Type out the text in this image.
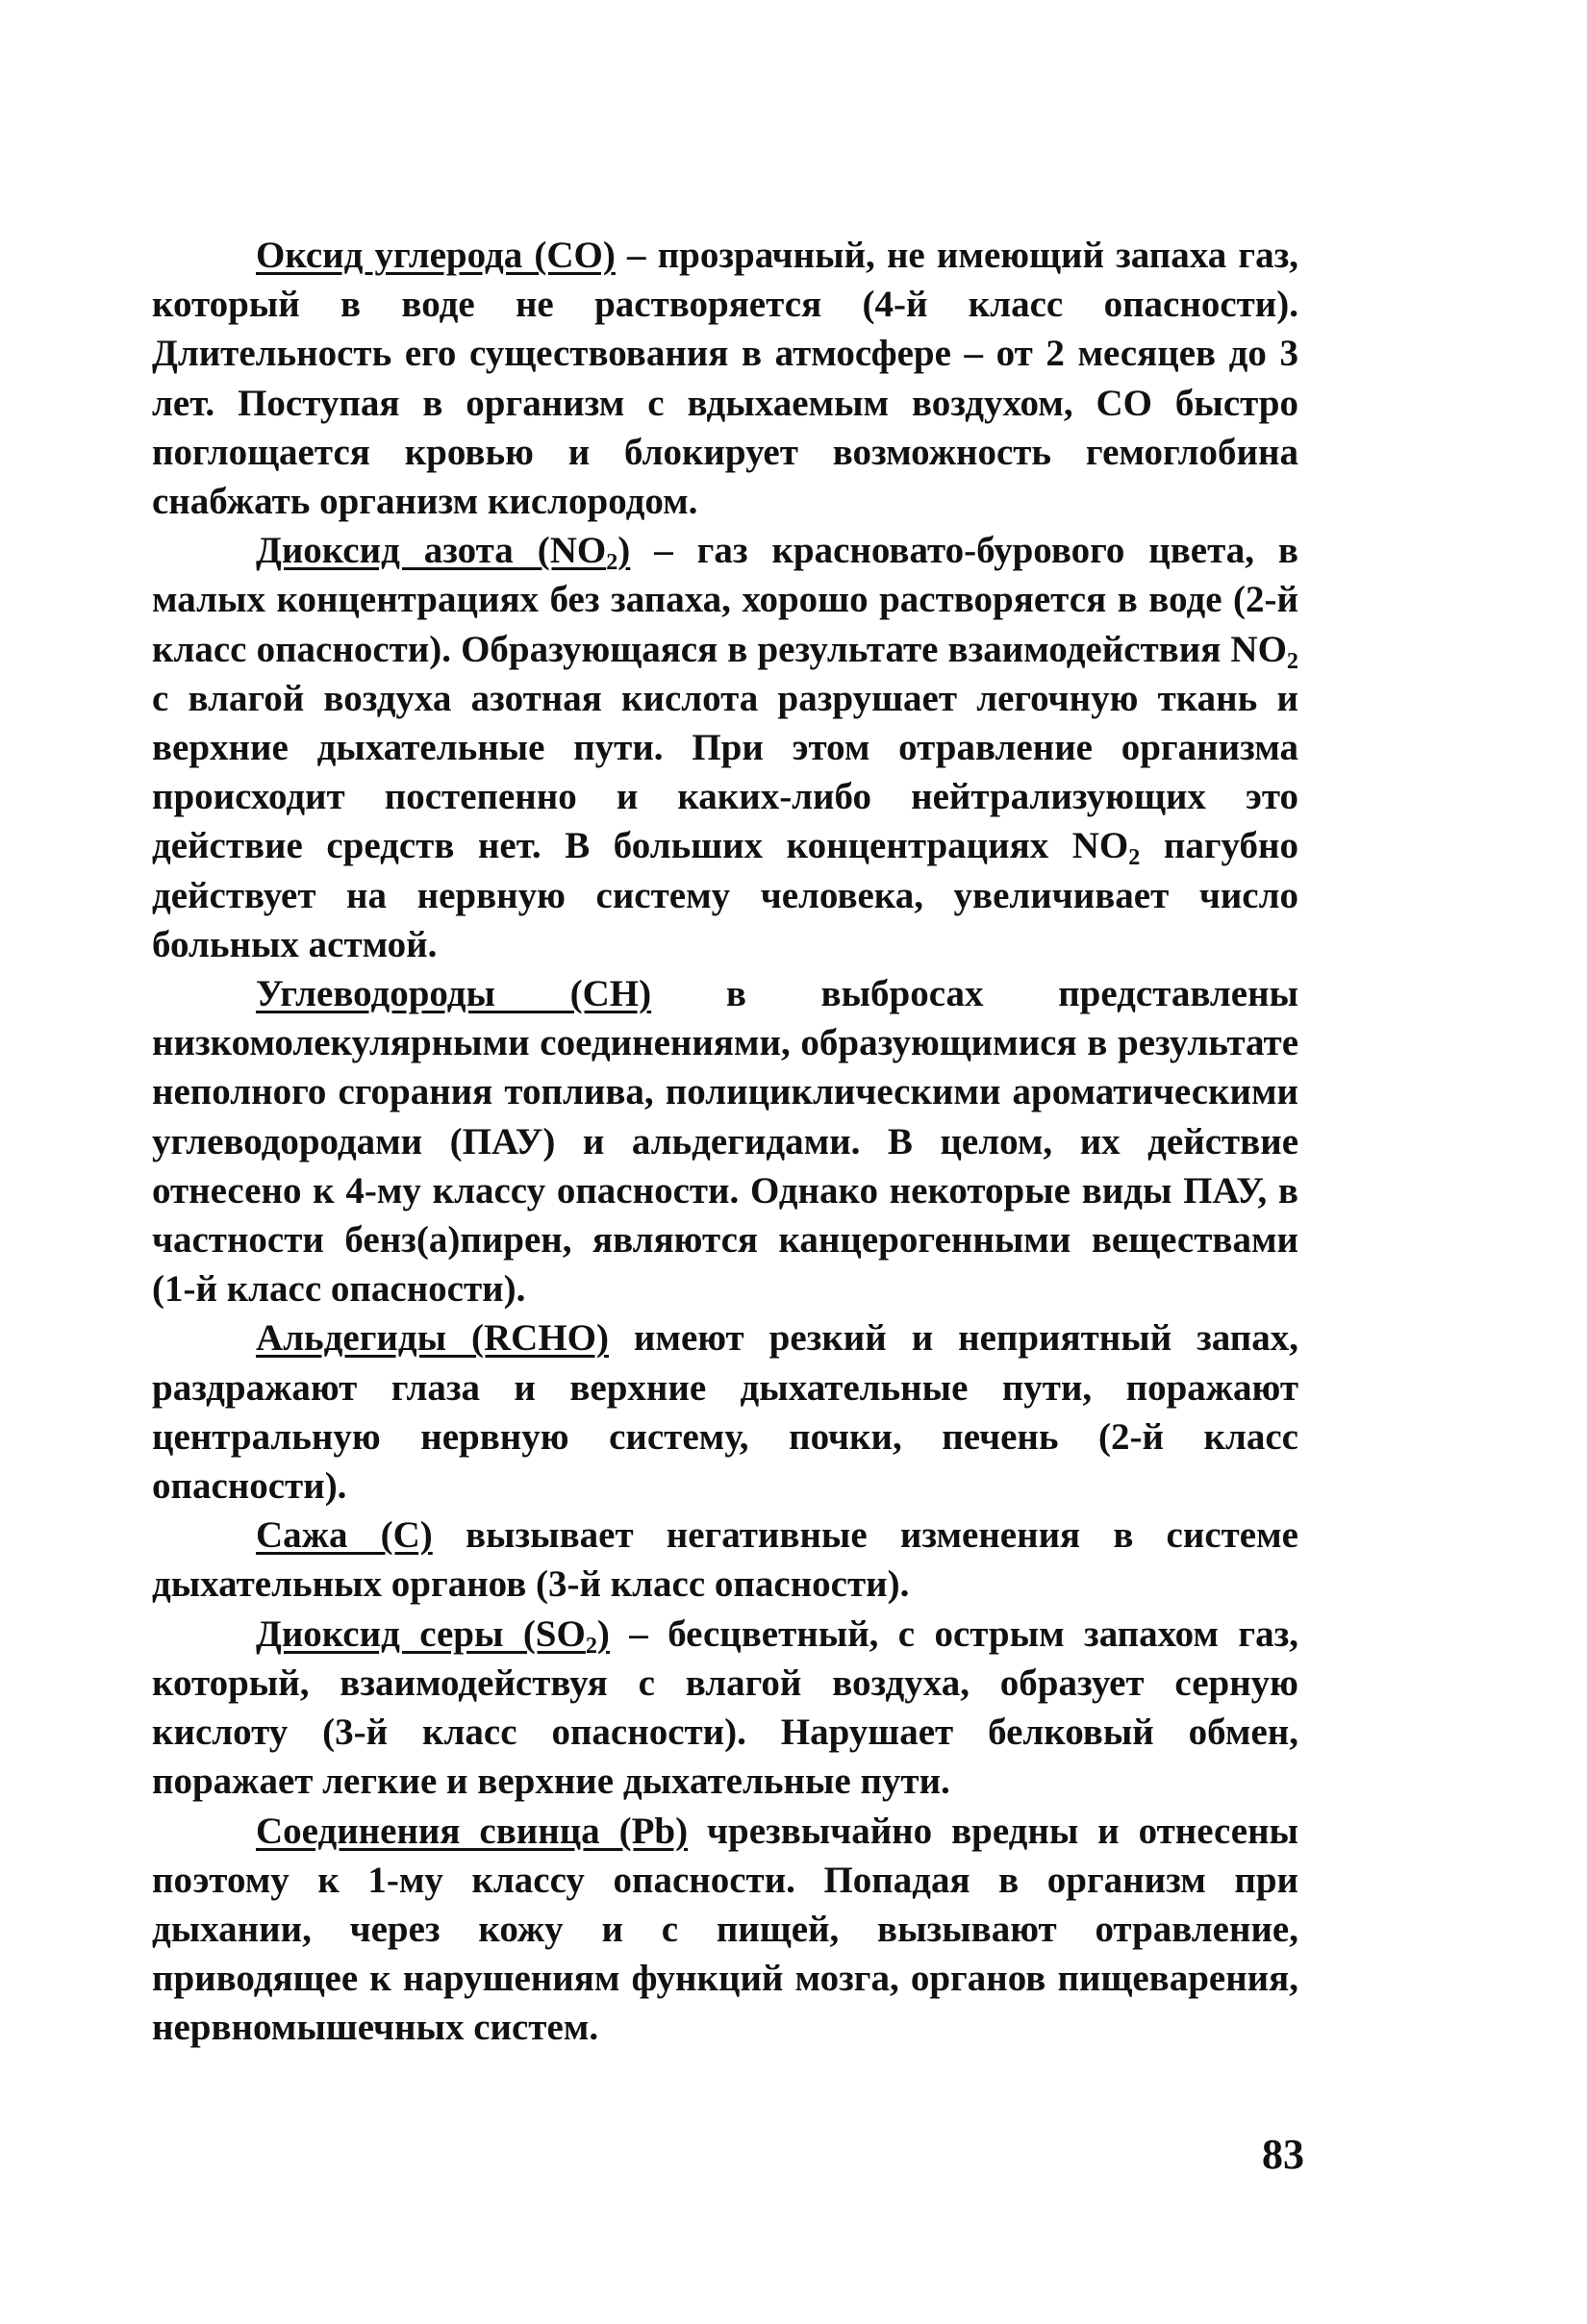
Оксид углерода (CO) – прозрачный, не имеющий запаха газ, который в воде не растворяется (4-й класс опасности). Длительность его существования в атмосфере – от 2 месяцев до 3 лет. Поступая в организм с вдыхаемым воздухом, CO быстро поглощается кровью и блокирует возможность гемоглобина снабжать организм кислородом.

Диоксид азота $(NO_2)$ – газ красновато-бурового цвета, в малых концентрациях без запаха, хорошо растворяется в воде (2-й класс опасности). Образующаяся в результате взаимодействия $NO_2$ с влагой воздуха азотная кислота разрушает легочную ткань и верхние дыхательные пути. При этом отравление организма происходит постепенно и каких-либо нейтрализующих это действие средств нет. В больших концентрациях $NO_2$ пагубно действует на нервную систему человека, увеличивает число больных астмой.

Углеводороды (CH) в выбросах представлены низкомолекулярными соединениями, образующимися в результате неполного сгорания топлива, полициклическими ароматическими углеводородами (ПАУ) и альдегидами. В целом, их действие отнесено к 4-му классу опасности. Однако некоторые виды ПАУ, в частности бенз(а)пирен, являются канцерогенными веществами (1-й класс опасности).

Альдегиды (RCHO) имеют резкий и неприятный запах, раздражают глаза и верхние дыхательные пути, поражают центральную нервную систему, почки, печень (2-й класс опасности).

Сажа (C) вызывает негативные изменения в системе дыхательных органов (3-й класс опасности).

Диоксид серы $(SO_2)$ – бесцветный, с острым запахом газ, который, взаимодействуя с влагой воздуха, образует серную кислоту (3-й класс опасности). Нарушает белковый обмен, поражает легкие и верхние дыхательные пути.

Соединения свинца (Pb) чрезвычайно вредны и отнесены поэтому к 1-му классу опасности. Попадая в организм при дыхании, через кожу и с пищей, вызывают отравление, приводящее к нарушениям функций мозга, органов пищеварения, нервномышечных систем.

83
